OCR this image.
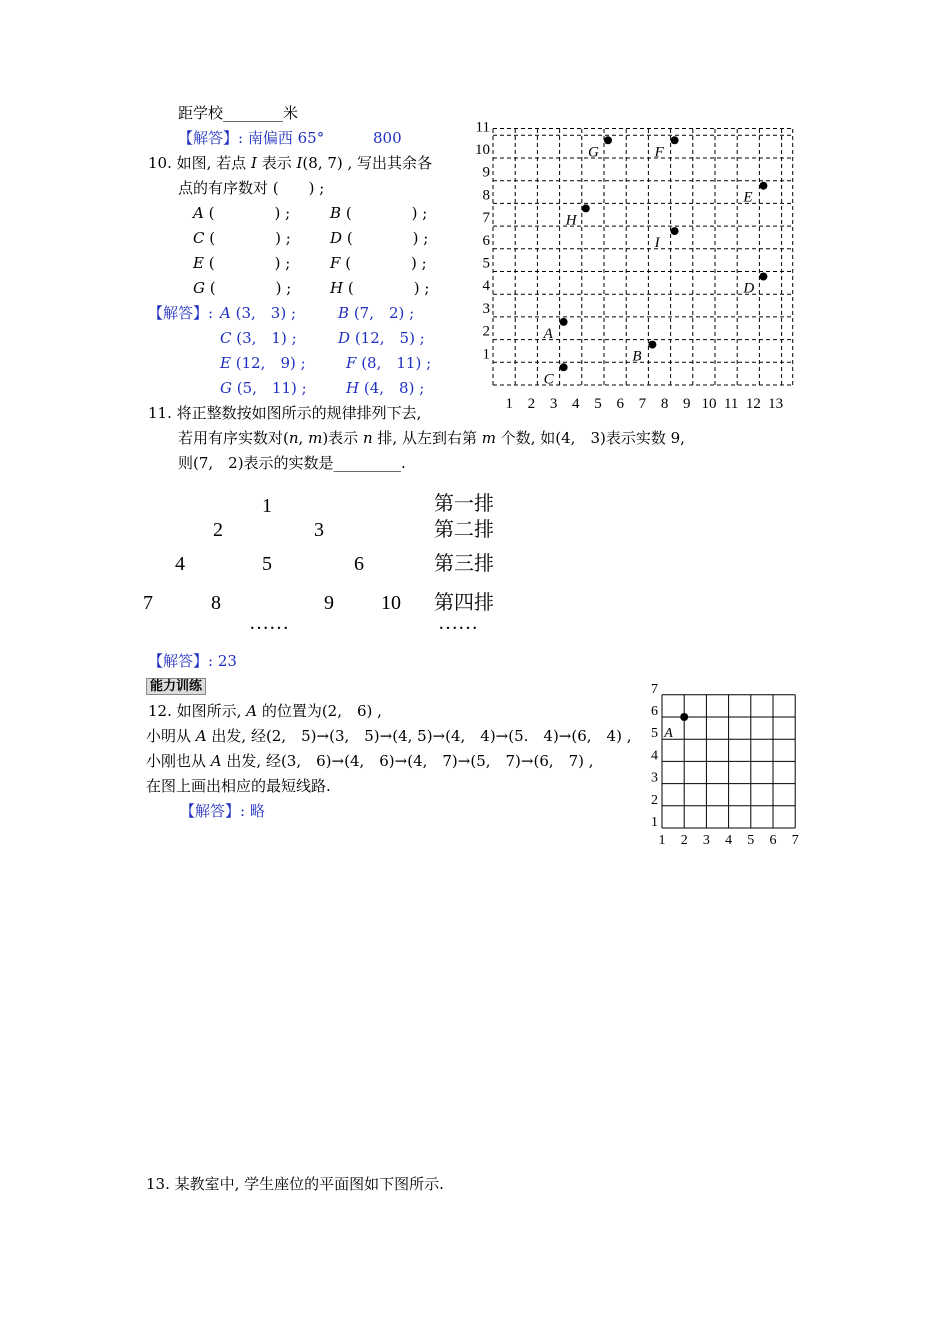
距学校________米
【解答】: 南偏西 65°	800
10. 如图, 若点 I 表示 I(8, 7) , 写出其余各
点的有序数对 (　　) ;
A (　　　　) ;	B (　　　　) ;
C (　　　　) ;	D (　　　　) ;
E (　　　　) ;	F (　　　　) ;
G (　　　　) ;	H (　　　　) ;
【解答】: A (3,　3) ;	B (7,　2) ;
C (3,　1) ;	D (12,　5) ;
E (12,　9) ;	F (8,　11) ;
G (5,　11) ;	H (4,　8) ;
1 2 3 4 5 6 7 8 9 10 11 12 13
1
2
3
4
5
6
7
8
9
10
11
A
B
C
D
E
F
G
H
I
11. 将正整数按如图所示的规律排列下去,
若用有序实数对(n, m)表示 n 排, 从左到右第 m 个数, 如(4,　3)表示实数 9,
则(7,　2)表示的实数是_________.
1
2	3
4	5	6
7	8	9 10
……
第一排
第二排
第三排
第四排
……
【解答】: 23
能力训练
12. 如图所示, A 的位置为(2,　6) ,
小明从 A 出发, 经(2,　5)→(3,　5)→(4, 5)→(4,　4)→(5.　4)→(6,　4) ,
小刚也从 A 出发, 经(3,　6)→(4,　6)→(4,　7)→(5,　7)→(6,　7) ,
在图上画出相应的最短线路.
【解答】: 略
1 2 3 4 5 6 7
1
2
3
4
5
6
7
A
13. 某教室中, 学生座位的平面图如下图所示.
